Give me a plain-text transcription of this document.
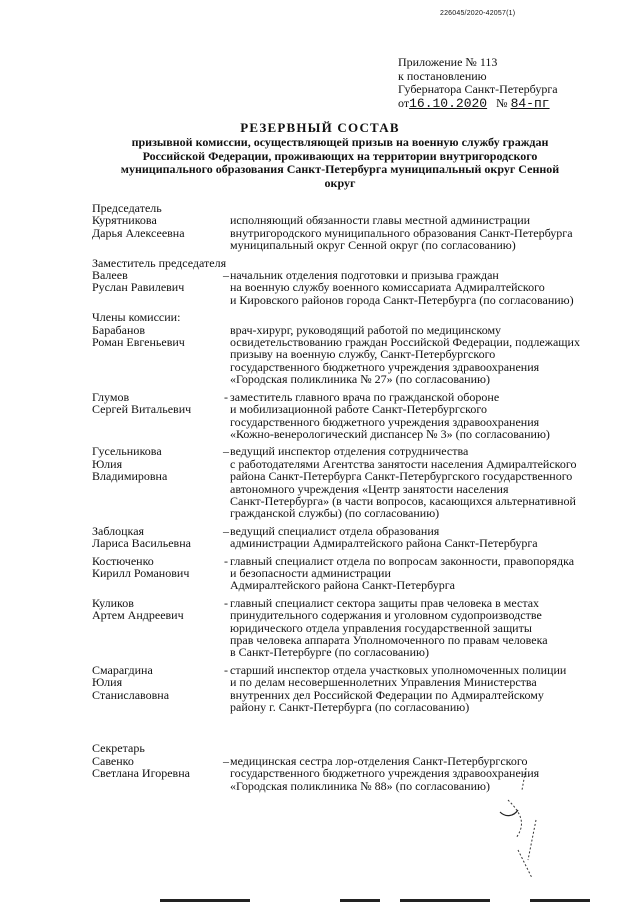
226045/2020-42057(1)
Приложение № 113
к постановлению
Губернатора Санкт-Петербурга
от16.10.2020 № 84-пг
РЕЗЕРВНЫЙ СОСТАВ
призывной комиссии, осуществляющей призыв на военную службу граждан Российской Федерации, проживающих на территории внутригородского муниципального образования Санкт-Петербурга муниципальный округ Сенной округ
Председатель
Курятникова
Дарья Алексеевна
исполняющий обязанности главы местной администрации
внутригородского муниципального образования Санкт-Петербурга
муниципальный округ Сенной округ (по согласованию)
Заместитель председателя
Валеев
Руслан Равилевич
– начальник отделения подготовки и призыва граждан
на военную службу военного комиссариата Адмиралтейского
и Кировского районов города Санкт-Петербурга (по согласованию)
Члены комиссии:
Барабанов
Роман Евгеньевич
врач-хирург, руководящий работой по медицинскому
освидетельствованию граждан Российской Федерации, подлежащих
призыву на военную службу, Санкт-Петербургского
государственного бюджетного учреждения здравоохранения
«Городская поликлиника № 27» (по согласованию)
Глумов
Сергей Витальевич
- заместитель главного врача по гражданской обороне
и мобилизационной работе Санкт-Петербургского
государственного бюджетного учреждения здравоохранения
«Кожно-венерологический диспансер № 3» (по согласованию)
Гусельникова
Юлия
Владимировна
– ведущий инспектор отделения сотрудничества
с работодателями Агентства занятости населения Адмиралтейского
района Санкт-Петербурга Санкт-Петербургского государственного
автономного учреждения «Центр занятости населения
Санкт-Петербурга» (в части вопросов, касающихся альтернативной
гражданской службы) (по согласованию)
Заблоцкая
Лариса Васильевна
– ведущий специалист отдела образования
администрации Адмиралтейского района Санкт-Петербурга
Костюченко
Кирилл Романович
- главный специалист отдела по вопросам законности, правопорядка
и безопасности администрации
Адмиралтейского района Санкт-Петербурга
Куликов
Артем Андреевич
- главный специалист сектора защиты прав человека в местах
принудительного содержания и уголовном судопроизводстве
юридического отдела управления государственной защиты
прав человека аппарата Уполномоченного по правам человека
в Санкт-Петербурге (по согласованию)
Смарагдина
Юлия
Станиславовна
- старший инспектор отдела участковых уполномоченных полиции
и по делам несовершеннолетних Управления Министерства
внутренних дел Российской Федерации по Адмиралтейскому
району г. Санкт-Петербурга (по согласованию)
Секретарь
Савенко
Светлана Игоревна
– медицинская сестра лор-отделения Санкт-Петербургского
государственного бюджетного учреждения здравоохранения
«Городская поликлиника № 88» (по согласованию)
